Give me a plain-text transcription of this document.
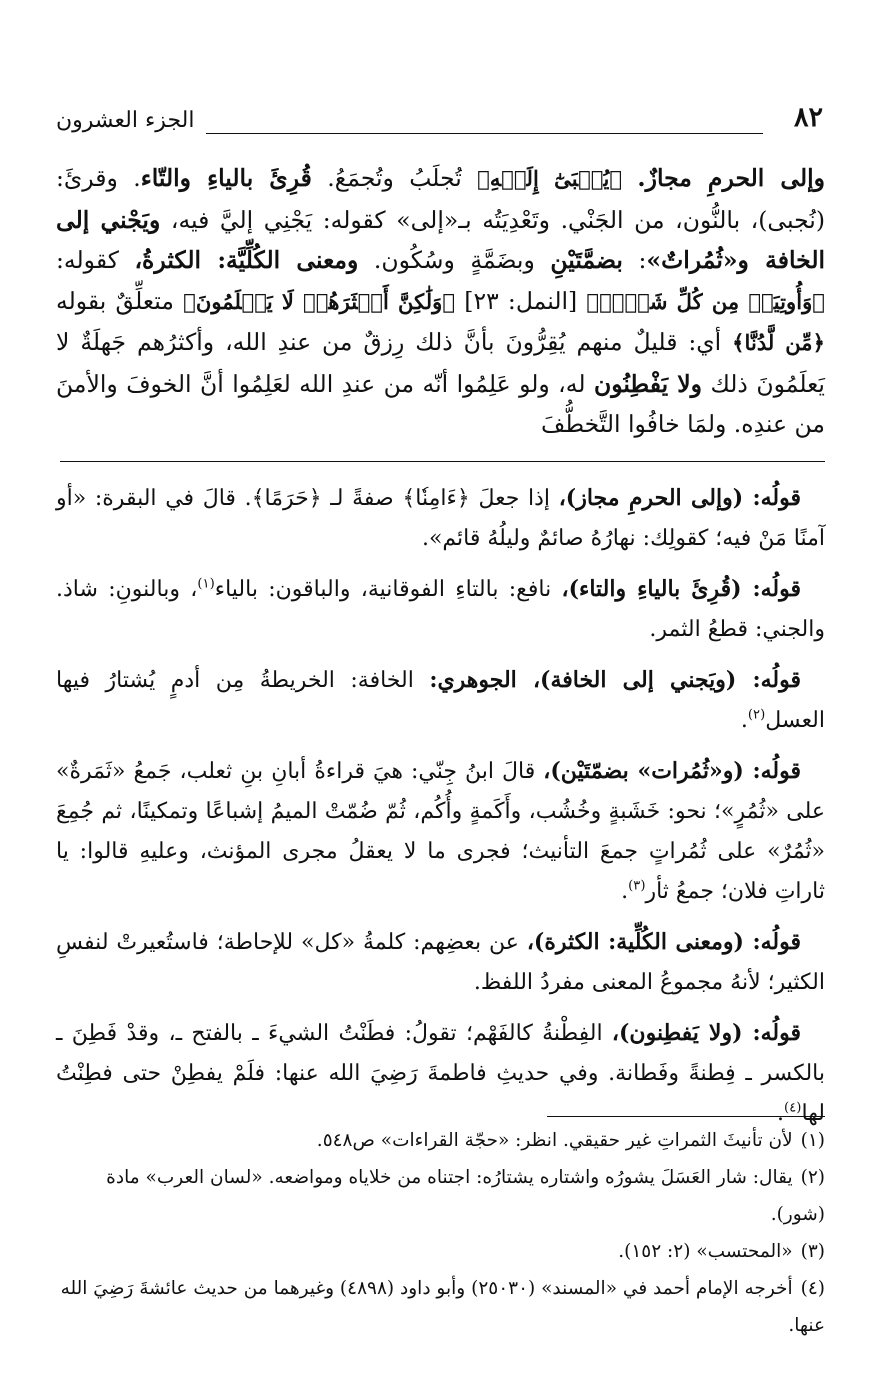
٨٢
الجزء العشرون

وإلى الحرمِ مجازٌ. ﴿يُجۡبَىٰٓ إِلَيۡهِ﴾ تُجلَبُ وتُجمَعُ. قُرِئَ بالياءِ والتّاء. وقرئَ: (نُجبى)، بالنُّون، من الجَنْي. وتَعْدِيَتُه بـ«إلى» كقوله: يَجْنِي إليَّ فيه، ويَجْني إلى الخافة و«ثُمُراتٌ»: بضمَّتَيْنِ وبضَمَّةٍ وسُكُون. ومعنى الكُلِّيَّة: الكثرةُ، كقوله: ﴿وَأُوتِيَتۡ مِن كُلِّ شَيۡءٖ﴾ [النمل: ٢٣] ﴿وَلَٰكِنَّ أَكۡثَرَهُمۡ لَا يَعۡلَمُونَ﴾ متعلِّقٌ بقوله ﴿مِّن لَّدُنَّا﴾ أي: قليلٌ منهم يُقِرُّونَ بأنَّ ذلك رِزقٌ من عندِ الله، وأكثرُهم جَهلَةٌ لا يَعلَمُونَ ذلك ولا يَفْطِنُون له، ولو عَلِمُوا أنّه من عندِ الله لعَلِمُوا أنَّ الخوفَ والأمنَ من عندِه. ولمَا خافُوا التَّخطُّفَ

قولُه: (وإلى الحرمِ مجاز)، إذا جعلَ ﴿ءَامِنٗا﴾ صفةً لـ ﴿حَرَمًا﴾. قالَ في البقرة: «أو آمنًا مَنْ فيه؛ كقولِك: نهارُهُ صائمٌ وليلُهُ قائم».

قولُه: (قُرِئَ بالياءِ والتاء)، نافع: بالتاءِ الفوقانية، والباقون: بالياء$^{(١)}$، وبالنونِ: شاذ. والجني: قطعُ الثمر.

قولُه: (ويَجني إلى الخافة)، الجوهري: الخافة: الخريطةُ مِن أدمٍ يُشتارُ فيها العسل$^{(٢)}$.

قولُه: (و«ثُمُرات» بضمّتَيْن)، قالَ ابنُ جِنّي: هيَ قراءةُ أبانِ بنِ ثعلب، جَمعُ «ثَمَرةٌ» على «ثُمُرٍ»؛ نحو: خَشَبةٍ وخُشُب، وأَكَمةٍ وأُكُم، ثُمّ ضُمّتْ الميمُ إشباعًا وتمكينًا، ثم جُمِعَ «ثُمُرٌ» على ثُمُراتٍ جمعَ التأنيث؛ فجرى ما لا يعقلُ مجرى المؤنث، وعليهِ قالوا: يا ثاراتِ فلان؛ جمعُ ثأر$^{(٣)}$.

قولُه: (ومعنى الكُلِّية: الكثرة)، عن بعضِهم: كلمةُ «كل» للإحاطة؛ فاستُعيرتْ لنفسِ الكثير؛ لأنهُ مجموعُ المعنى مفردُ اللفظ.

قولُه: (ولا يَفطِنون)، الفِطْنةُ كالفَهْم؛ تقولُ: فطَنْتُ الشيءَ ـ بالفتح ـ، وقدْ فَطِنَ ـ بالكسر ـ فِطنةً وفَطانة. وفي حديثِ فاطمةَ رَضِيَ الله عنها: فلَمْ يفطِنْ حتى فطِنْتُ لها$^{(٤)}$.

(١)لأن تأنيثَ الثمراتِ غير حقيقي. انظر: «حجّة القراءات» ص٥٤٨.

(٢)يقال: شار العَسَلَ يشورُه واشتاره يشتارُه: اجتناه من خلاياه ومواضعه. «لسان العرب» مادة (شور).

(٣)«المحتسب» (٢: ١٥٢).

(٤)أخرجه الإمام أحمد في «المسند» (٢٥٠٣٠) وأبو داود (٤٨٩٨) وغيرهما من حديث عائشةَ رَضِيَ الله عنها.
